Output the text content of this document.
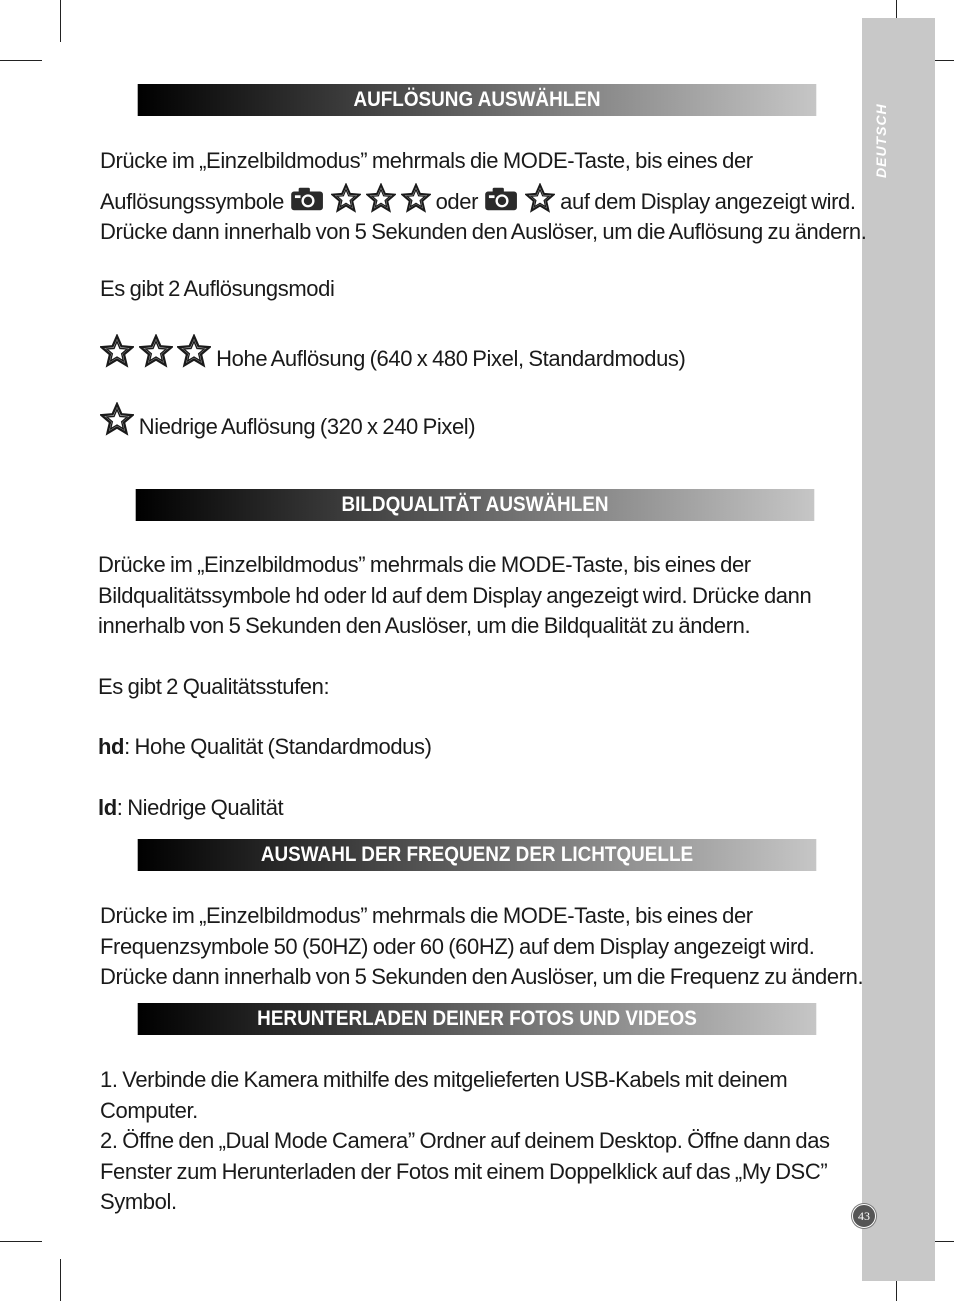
DEUTSCH
43
AUFLÖSUNG AUSWÄHLEN
Drücke im „Einzelbildmodus” mehrmals die MODE-Taste, bis eines der
Auflösungssymbole	oder	auf dem Display angezeigt wird.
Drücke dann innerhalb von 5 Sekunden den Auslöser, um die Auflösung zu ändern.
Es gibt 2 Auflösungsmodi
Hohe Auflösung (640 x 480 Pixel, Standardmodus)
Niedrige Auflösung (320 x 240 Pixel)
BILDQUALITÄT AUSWÄHLEN
Drücke im „Einzelbildmodus” mehrmals die MODE-Taste, bis eines der
Bildqualitätssymbole hd oder ld auf dem Display angezeigt wird. Drücke dann
innerhalb von 5 Sekunden den Auslöser, um die Bildqualität zu ändern.
Es gibt 2 Qualitätsstufen:
hd: Hohe Qualität (Standardmodus)
ld: Niedrige Qualität
AUSWAHL DER FREQUENZ DER LICHTQUELLE
Drücke im „Einzelbildmodus” mehrmals die MODE-Taste, bis eines der
Frequenzsymbole 50 (50HZ) oder 60 (60HZ) auf dem Display angezeigt wird.
Drücke dann innerhalb von 5 Sekunden den Auslöser, um die Frequenz zu ändern.
HERUNTERLADEN DEINER FOTOS UND VIDEOS
1. Verbinde die Kamera mithilfe des mitgelieferten USB-Kabels mit deinem
Computer.
2. Öffne den „Dual Mode Camera” Ordner auf deinem Desktop. Öffne dann das
Fenster zum Herunterladen der Fotos mit einem Doppelklick auf das „My DSC”
Symbol.
